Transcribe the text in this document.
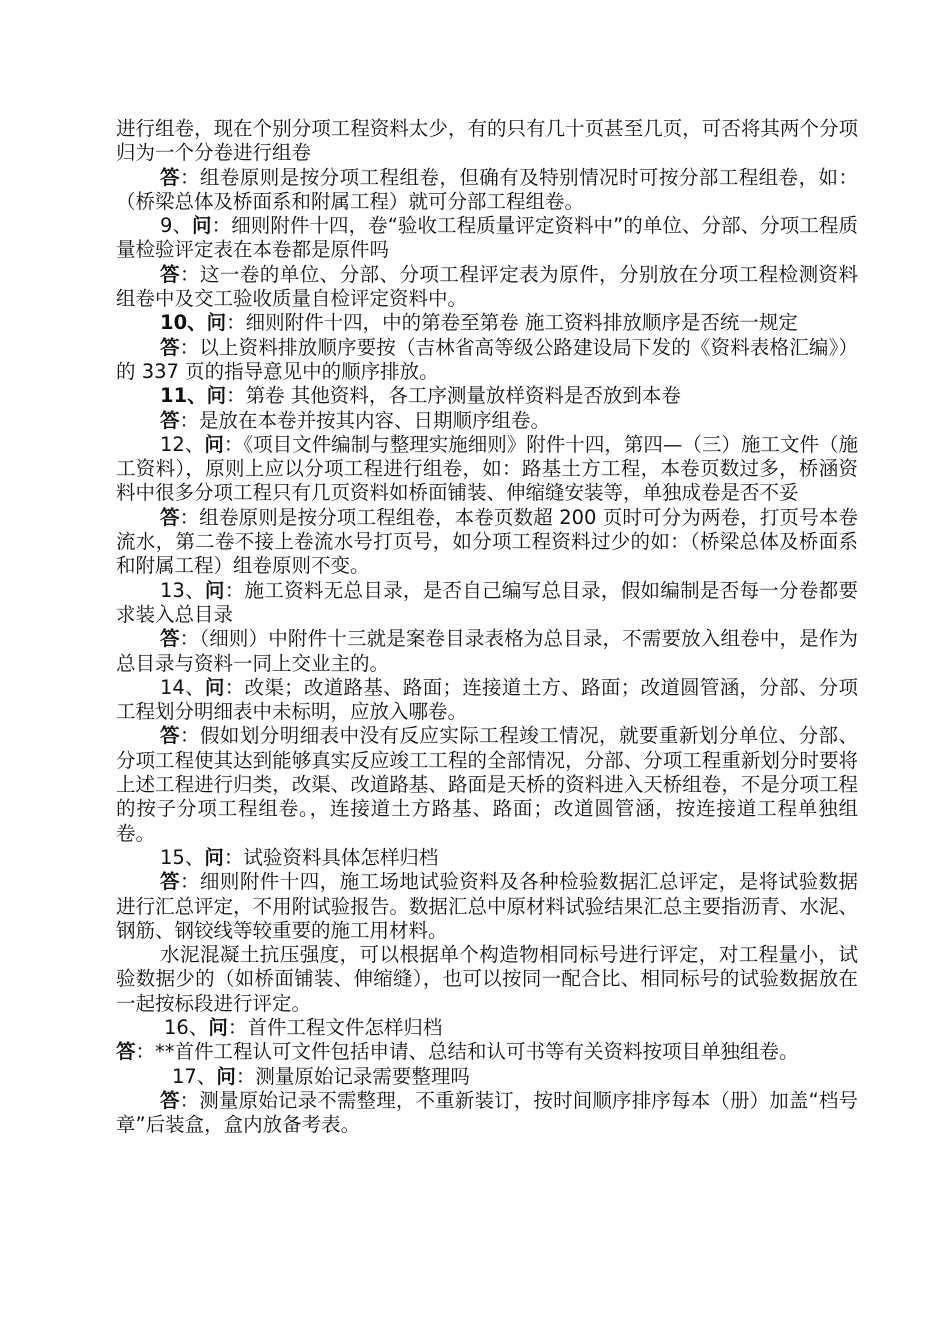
进行组卷，现在个别分项工程资料太少，有的只有几十页甚至几页，可否将其两个分项归为一个分卷进行组卷

答：组卷原则是按分项工程组卷，但确有及特别情况时可按分部工程组卷，如：（桥梁总体及桥面系和附属工程）就可分部工程组卷。

9、问：细则附件十四，卷“验收工程质量评定资料中”的单位、分部、分项工程质量检验评定表在本卷都是原件吗

答：这一卷的单位、分部、分项工程评定表为原件，分别放在分项工程检测资料组卷中及交工验收质量自检评定资料中。

10、问：细则附件十四，中的第卷至第卷 施工资料排放顺序是否统一规定

答：以上资料排放顺序要按（吉林省高等级公路建设局下发的《资料表格汇编》）的 337 页的指导意见中的顺序排放。

11、问：第卷 其他资料，各工序测量放样资料是否放到本卷

答：是放在本卷并按其内容、日期顺序组卷。

12、问：《项目文件编制与整理实施细则》附件十四，第四—（三）施工文件（施工资料），原则上应以分项工程进行组卷，如：路基土方工程，本卷页数过多，桥涵资料中很多分项工程只有几页资料如桥面铺装、伸缩缝安装等，单独成卷是否不妥

答：组卷原则是按分项工程组卷，本卷页数超 200 页时可分为两卷，打页号本卷流水，第二卷不接上卷流水号打页号，如分项工程资料过少的如：（桥梁总体及桥面系和附属工程）组卷原则不变。

13、问：施工资料无总目录，是否自己编写总目录，假如编制是否每一分卷都要求装入总目录

答：（细则）中附件十三就是案卷目录表格为总目录，不需要放入组卷中，是作为总目录与资料一同上交业主的。

14、问：改渠；改道路基、路面；连接道土方、路面；改道圆管涵，分部、分项工程划分明细表中未标明，应放入哪卷。

答：假如划分明细表中没有反应实际工程竣工情况，就要重新划分单位、分部、分项工程使其达到能够真实反应竣工工程的全部情况，分部、分项工程重新划分时要将上述工程进行归类，改渠、改道路基、路面是天桥的资料进入天桥组卷，不是分项工程的按子分项工程组卷。，连接道土方路基、路面；改道圆管涵，按连接道工程单独组卷。

15、问：试验资料具体怎样归档

答：细则附件十四，施工场地试验资料及各种检验数据汇总评定，是将试验数据进行汇总评定，不用附试验报告。数据汇总中原材料试验结果汇总主要指沥青、水泥、钢筋、钢铰线等较重要的施工用材料。

水泥混凝土抗压强度，可以根据单个构造物相同标号进行评定，对工程量小，试验数据少的（如桥面铺装、伸缩缝），也可以按同一配合比、相同标号的试验数据放在一起按标段进行评定。

16、问：首件工程文件怎样归档

答：**首件工程认可文件包括申请、总结和认可书等有关资料按项目单独组卷。

17、问：测量原始记录需要整理吗

答：测量原始记录不需整理，不重新装订，按时间顺序排序每本（册）加盖“档号章”后装盒，盒内放备考表。
